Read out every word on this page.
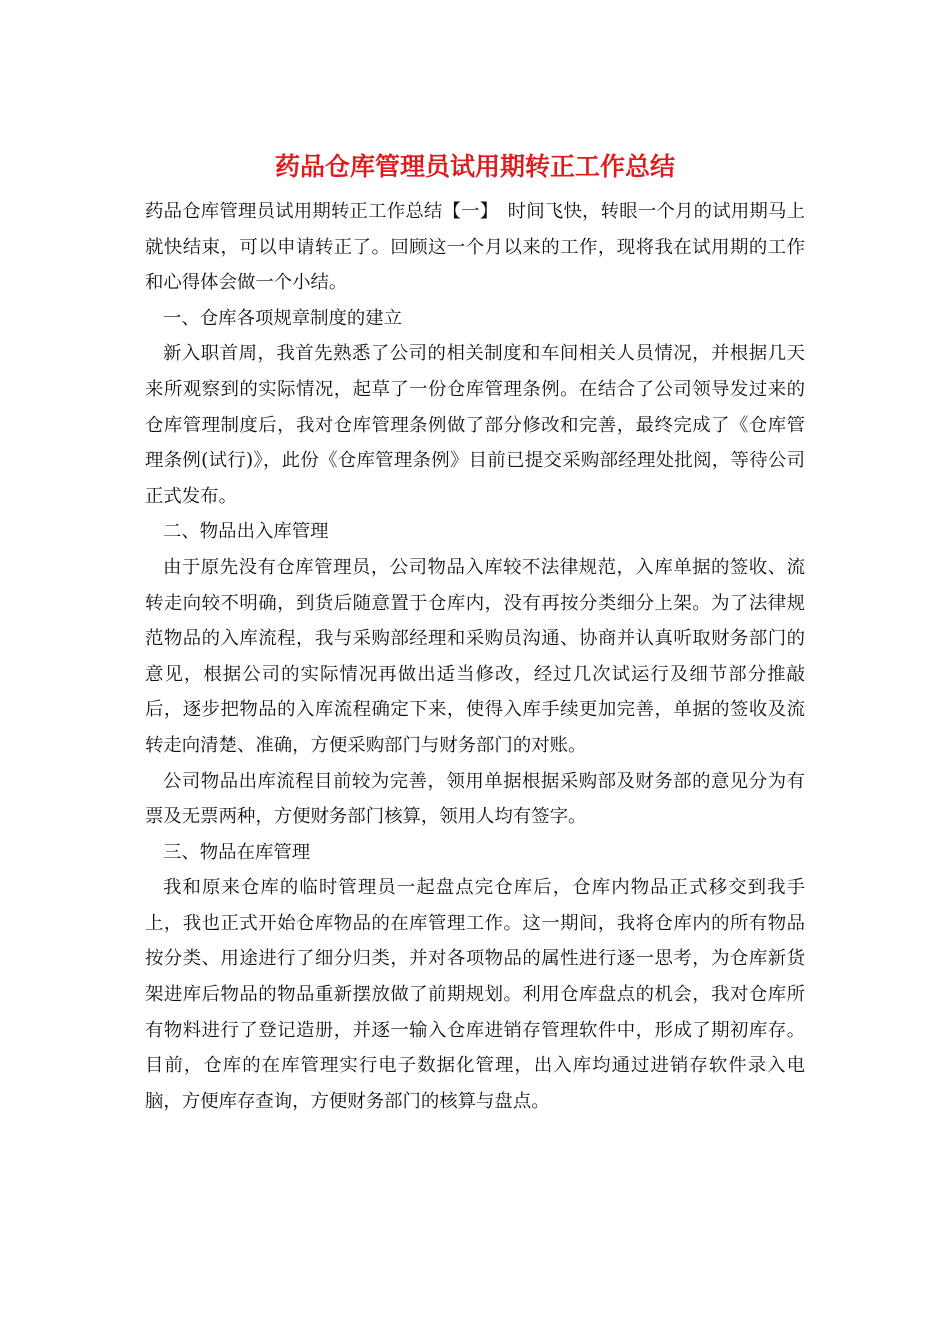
药品仓库管理员试用期转正工作总结

药品仓库管理员试用期转正工作总结【一】　时间飞快，转眼一个月的试用期马上就快结束，可以申请转正了。回顾这一个月以来的工作，现将我在试用期的工作和心得体会做一个小结。

一、仓库各项规章制度的建立

新入职首周，我首先熟悉了公司的相关制度和车间相关人员情况，并根据几天来所观察到的实际情况，起草了一份仓库管理条例。在结合了公司领导发过来的仓库管理制度后，我对仓库管理条例做了部分修改和完善，最终完成了《仓库管理条例(试行)》，此份《仓库管理条例》目前已提交采购部经理处批阅，等待公司正式发布。

二、物品出入库管理

由于原先没有仓库管理员，公司物品入库较不法律规范，入库单据的签收、流转走向较不明确，到货后随意置于仓库内，没有再按分类细分上架。为了法律规范物品的入库流程，我与采购部经理和采购员沟通、协商并认真听取财务部门的意见，根据公司的实际情况再做出适当修改，经过几次试运行及细节部分推敲后，逐步把物品的入库流程确定下来，使得入库手续更加完善，单据的签收及流转走向清楚、准确，方便采购部门与财务部门的对账。

公司物品出库流程目前较为完善，领用单据根据采购部及财务部的意见分为有票及无票两种，方便财务部门核算，领用人均有签字。

三、物品在库管理

我和原来仓库的临时管理员一起盘点完仓库后，仓库内物品正式移交到我手上，我也正式开始仓库物品的在库管理工作。这一期间，我将仓库内的所有物品按分类、用途进行了细分归类，并对各项物品的属性进行逐一思考，为仓库新货架进库后物品的物品重新摆放做了前期规划。利用仓库盘点的机会，我对仓库所有物料进行了登记造册，并逐一输入仓库进销存管理软件中，形成了期初库存。目前，仓库的在库管理实行电子数据化管理，出入库均通过进销存软件录入电脑，方便库存查询，方便财务部门的核算与盘点。
